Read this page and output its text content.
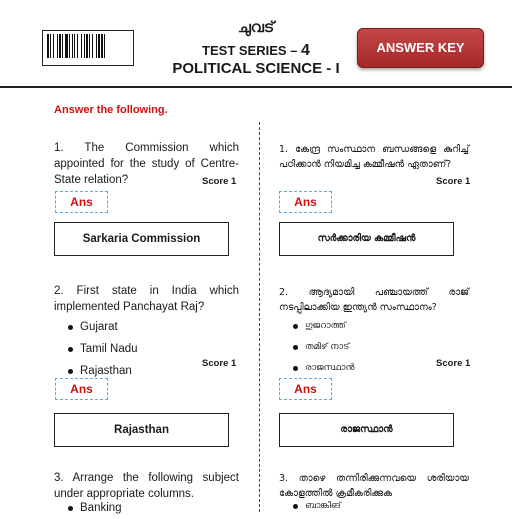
ചുവട്
TEST SERIES – 4
POLITICAL SCIENCE - I
ANSWER KEY
Answer the following.
1. The Commission which appointed for the study of Centre-State relation?	Score 1
Ans
Sarkaria Commission
1. കേന്ദ്ര സംസ്ഥാന ബന്ധങ്ങളെ കുറിച്ച് പഠിക്കാൻ നിയമിച്ച കമ്മീഷൻ ഏതാണ്?
Score 1
Ans
സർക്കാരിയ കമ്മീഷൻ
2. First state in India which implemented Panchayat Raj?
Gujarat
Tamil Nadu
Rajasthan
Score 1
Ans
Rajasthan
2. ആദ്യമായി പഞ്ചായത്ത് രാജ് നടപ്പിലാക്കിയ ഇന്ത്യൻ സംസ്ഥാനം?
ഗുജറാത്ത്
തമിഴ് നാട്
രാജസ്ഥാൻ	Score 1
Ans
രാജസ്ഥാൻ
3. Arrange the following subject under appropriate columns.
Banking
3. താഴെ തന്നിരിക്കുന്നവയെ ശരിയായ കോളത്തിൽ ക്രമീകരിക്കുക
ബാങ്കിങ്
